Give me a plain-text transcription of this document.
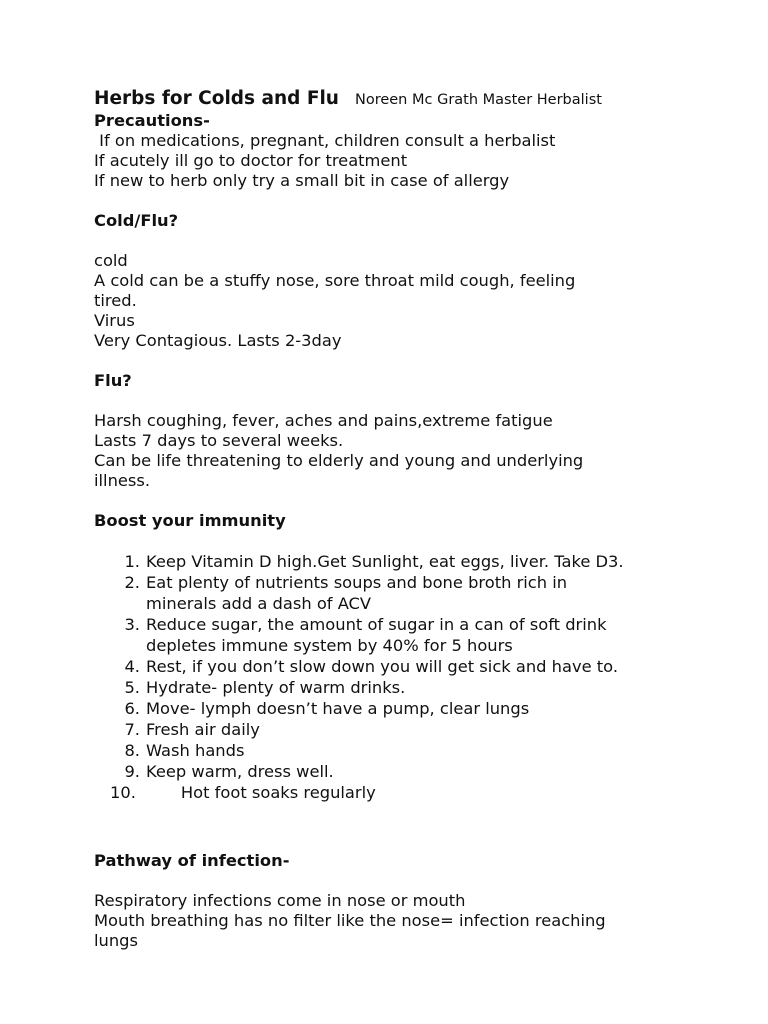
Herbs for Colds and Flu Noreen Mc Grath Master Herbalist
Precautions-
If on medications, pregnant, children consult a herbalist
If acutely ill go to doctor for treatment
If new to herb only try a small bit in case of allergy
Cold/Flu?
cold
A cold can be a stuffy nose, sore throat mild cough, feeling
tired.
Virus
Very Contagious. Lasts 2-3day
Flu?
Harsh coughing, fever, aches and pains,extreme fatigue
Lasts 7 days to several weeks.
Can be life threatening to elderly and young and underlying
illness.
Boost your immunity
1. Keep Vitamin D high.Get Sunlight, eat eggs, liver. Take D3.
2. Eat plenty of nutrients soups and bone broth rich in
minerals add a dash of ACV
3. Reduce sugar, the amount of sugar in a can of soft drink
depletes immune system by 40% for 5 hours
4. Rest, if you don’t slow down you will get sick and have to.
5. Hydrate- plenty of warm drinks.
6. Move- lymph doesn’t have a pump, clear lungs
7. Fresh air daily
8. Wash hands
9. Keep warm, dress well.
10.	Hot foot soaks regularly
Pathway of infection-
Respiratory infections come in nose or mouth
Mouth breathing has no filter like the nose= infection reaching
lungs
